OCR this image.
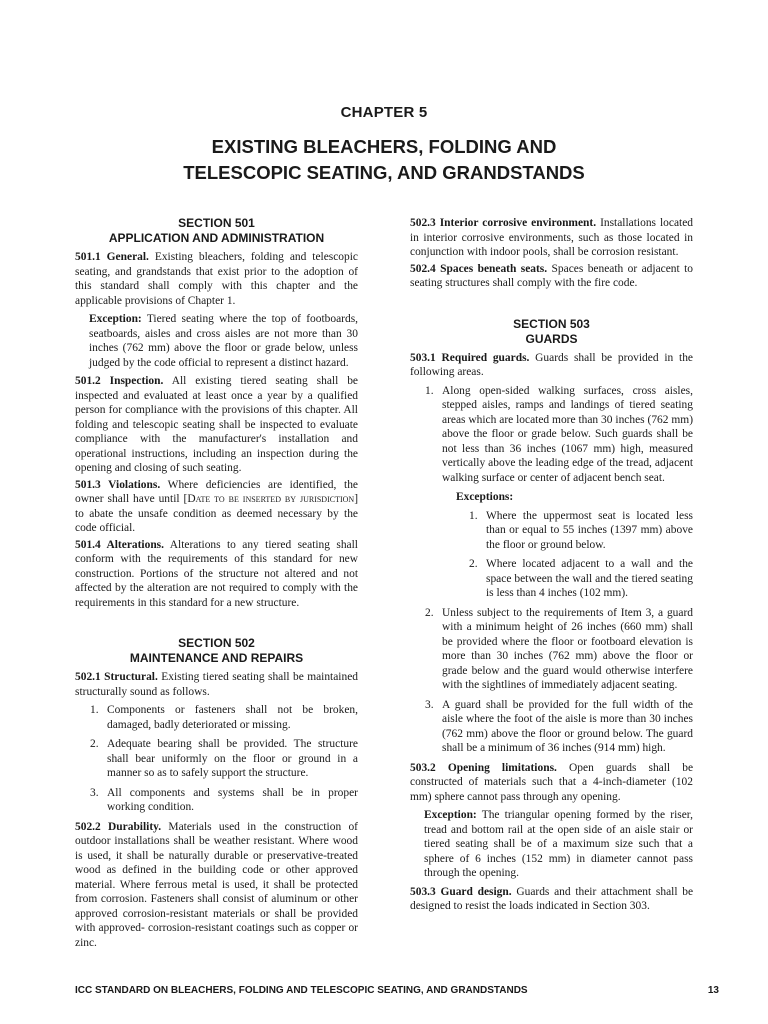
CHAPTER 5
EXISTING BLEACHERS, FOLDING AND
TELESCOPIC SEATING, AND GRANDSTANDS
SECTION 501
APPLICATION AND ADMINISTRATION

501.1 General. Existing bleachers, folding and telescopic seating, and grandstands that exist prior to the adoption of this standard shall comply with this chapter and the applicable provisions of Chapter 1.

Exception: Tiered seating where the top of footboards, seatboards, aisles and cross aisles are not more than 30 inches (762 mm) above the floor or grade below, unless judged by the code official to represent a distinct hazard.

501.2 Inspection. All existing tiered seating shall be inspected and evaluated at least once a year by a qualified person for compliance with the provisions of this chapter. All folding and telescopic seating shall be inspected to evaluate compliance with the manufacturer's installation and operational instructions, including an inspection during the opening and closing of such seating.

501.3 Violations. Where deficiencies are identified, the owner shall have until [Date to be inserted by jurisdiction] to abate the unsafe condition as deemed necessary by the code official.

501.4 Alterations. Alterations to any tiered seating shall conform with the requirements of this standard for new construction. Portions of the structure not altered and not affected by the alteration are not required to comply with the requirements in this standard for a new structure.

SECTION 502
MAINTENANCE AND REPAIRS

502.1 Structural. Existing tiered seating shall be maintained structurally sound as follows.

1. Components or fasteners shall not be broken, damaged, badly deteriorated or missing.
2. Adequate bearing shall be provided. The structure shall bear uniformly on the floor or ground in a manner so as to safely support the structure.
3. All components and systems shall be in proper working condition.

502.2 Durability. Materials used in the construction of outdoor installations shall be weather resistant. Where wood is used, it shall be naturally durable or preservative-treated wood as defined in the building code or other approved material. Where ferrous metal is used, it shall be protected from corrosion. Fasteners shall consist of aluminum or other approved corrosion-resistant materials or shall be provided with approved- corrosion-resistant coatings such as copper or zinc.

502.3 Interior corrosive environment. Installations located in interior corrosive environments, such as those located in conjunction with indoor pools, shall be corrosion resistant.

502.4 Spaces beneath seats. Spaces beneath or adjacent to seating structures shall comply with the fire code.

SECTION 503
GUARDS

503.1 Required guards. Guards shall be provided in the following areas.

1. Along open-sided walking surfaces, cross aisles, stepped aisles, ramps and landings of tiered seating areas which are located more than 30 inches (762 mm) above the floor or grade below. Such guards shall be not less than 36 inches (1067 mm) high, measured vertically above the leading edge of the tread, adjacent walking surface or center of adjacent bench seat.
Exceptions:
1. Where the uppermost seat is located less than or equal to 55 inches (1397 mm) above the floor or ground below.
2. Where located adjacent to a wall and the space between the wall and the tiered seating is less than 4 inches (102 mm).
2. Unless subject to the requirements of Item 3, a guard with a minimum height of 26 inches (660 mm) shall be provided where the floor or footboard elevation is more than 30 inches (762 mm) above the floor or grade below and the guard would otherwise interfere with the sightlines of immediately adjacent seating.
3. A guard shall be provided for the full width of the aisle where the foot of the aisle is more than 30 inches (762 mm) above the floor or ground below. The guard shall be a minimum of 36 inches (914 mm) high.

503.2 Opening limitations. Open guards shall be constructed of materials such that a 4-inch-diameter (102 mm) sphere cannot pass through any opening.

Exception: The triangular opening formed by the riser, tread and bottom rail at the open side of an aisle stair or tiered seating shall be of a maximum size such that a sphere of 6 inches (152 mm) in diameter cannot pass through the opening.

503.3 Guard design. Guards and their attachment shall be designed to resist the loads indicated in Section 303.

ICC STANDARD ON BLEACHERS, FOLDING AND TELESCOPIC SEATING, AND GRANDSTANDS	13
